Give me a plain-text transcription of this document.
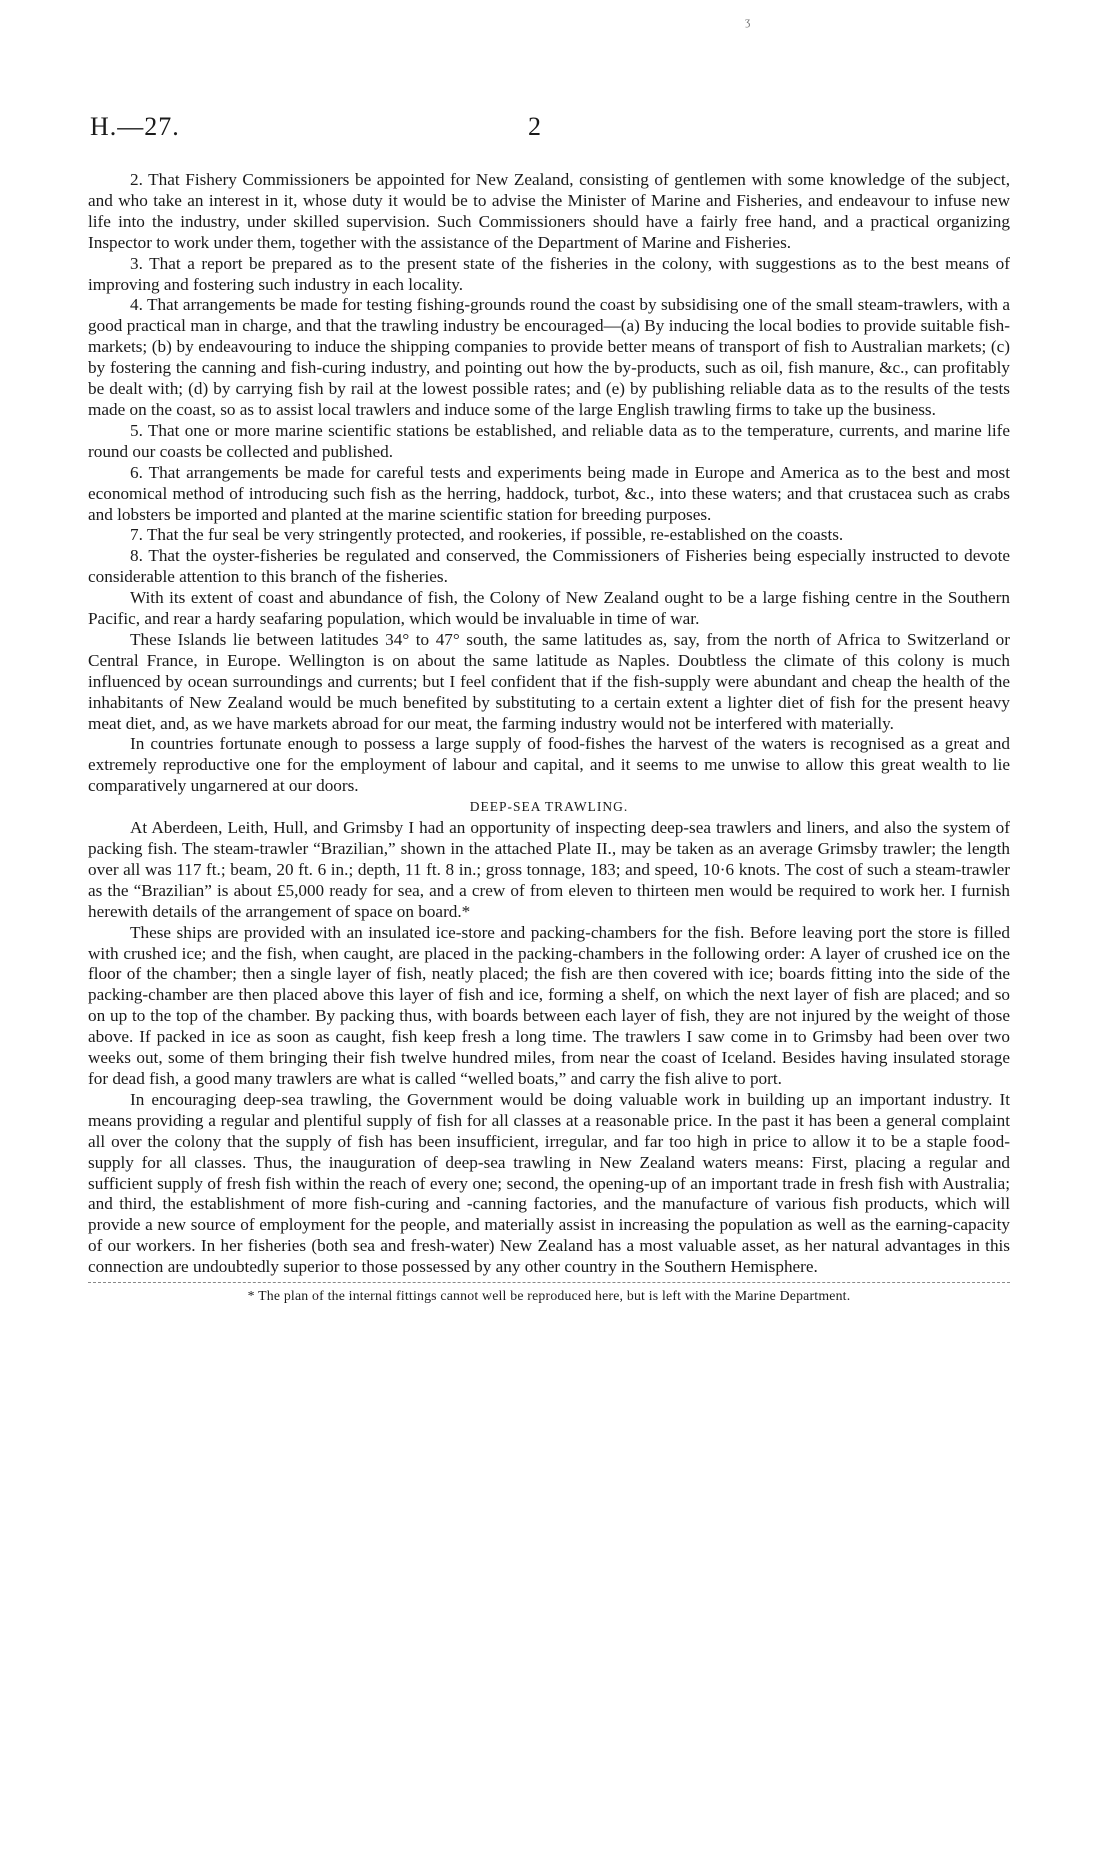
ʒ
H.—27.	2

2. That Fishery Commissioners be appointed for New Zealand, consisting of gentlemen with some knowledge of the subject, and who take an interest in it, whose duty it would be to advise the Minister of Marine and Fisheries, and endeavour to infuse new life into the industry, under skilled supervision. Such Commissioners should have a fairly free hand, and a practical organizing Inspector to work under them, together with the assistance of the Department of Marine and Fisheries.

3. That a report be prepared as to the present state of the fisheries in the colony, with suggestions as to the best means of improving and fostering such industry in each locality.

4. That arrangements be made for testing fishing-grounds round the coast by subsidising one of the small steam-trawlers, with a good practical man in charge, and that the trawling industry be encouraged—(a) By inducing the local bodies to provide suitable fish-markets; (b) by endeavouring to induce the shipping companies to provide better means of transport of fish to Australian markets; (c) by fostering the canning and fish-curing industry, and pointing out how the by-products, such as oil, fish manure, &c., can profitably be dealt with; (d) by carrying fish by rail at the lowest possible rates; and (e) by publishing reliable data as to the results of the tests made on the coast, so as to assist local trawlers and induce some of the large English trawling firms to take up the business.

5. That one or more marine scientific stations be established, and reliable data as to the temperature, currents, and marine life round our coasts be collected and published.

6. That arrangements be made for careful tests and experiments being made in Europe and America as to the best and most economical method of introducing such fish as the herring, haddock, turbot, &c., into these waters; and that crustacea such as crabs and lobsters be imported and planted at the marine scientific station for breeding purposes.

7. That the fur seal be very stringently protected, and rookeries, if possible, re-established on the coasts.

8. That the oyster-fisheries be regulated and conserved, the Commissioners of Fisheries being especially instructed to devote considerable attention to this branch of the fisheries.

With its extent of coast and abundance of fish, the Colony of New Zealand ought to be a large fishing centre in the Southern Pacific, and rear a hardy seafaring population, which would be invaluable in time of war.

These Islands lie between latitudes 34° to 47° south, the same latitudes as, say, from the north of Africa to Switzerland or Central France, in Europe. Wellington is on about the same latitude as Naples. Doubtless the climate of this colony is much influenced by ocean surroundings and currents; but I feel confident that if the fish-supply were abundant and cheap the health of the inhabitants of New Zealand would be much benefited by substituting to a certain extent a lighter diet of fish for the present heavy meat diet, and, as we have markets abroad for our meat, the farming industry would not be interfered with materially.

In countries fortunate enough to possess a large supply of food-fishes the harvest of the waters is recognised as a great and extremely reproductive one for the employment of labour and capital, and it seems to me unwise to allow this great wealth to lie comparatively ungarnered at our doors.

DEEP-SEA TRAWLING.

At Aberdeen, Leith, Hull, and Grimsby I had an opportunity of inspecting deep-sea trawlers and liners, and also the system of packing fish. The steam-trawler “Brazilian,” shown in the attached Plate II., may be taken as an average Grimsby trawler; the length over all was 117 ft.; beam, 20 ft. 6 in.; depth, 11 ft. 8 in.; gross tonnage, 183; and speed, 10·6 knots. The cost of such a steam-trawler as the “Brazilian” is about £5,000 ready for sea, and a crew of from eleven to thirteen men would be required to work her. I furnish herewith details of the arrangement of space on board.*

These ships are provided with an insulated ice-store and packing-chambers for the fish. Before leaving port the store is filled with crushed ice; and the fish, when caught, are placed in the packing-chambers in the following order: A layer of crushed ice on the floor of the chamber; then a single layer of fish, neatly placed; the fish are then covered with ice; boards fitting into the side of the packing-chamber are then placed above this layer of fish and ice, forming a shelf, on which the next layer of fish are placed; and so on up to the top of the chamber. By packing thus, with boards between each layer of fish, they are not injured by the weight of those above. If packed in ice as soon as caught, fish keep fresh a long time. The trawlers I saw come in to Grimsby had been over two weeks out, some of them bringing their fish twelve hundred miles, from near the coast of Iceland. Besides having insulated storage for dead fish, a good many trawlers are what is called “welled boats,” and carry the fish alive to port.

In encouraging deep-sea trawling, the Government would be doing valuable work in building up an important industry. It means providing a regular and plentiful supply of fish for all classes at a reasonable price. In the past it has been a general complaint all over the colony that the supply of fish has been insufficient, irregular, and far too high in price to allow it to be a staple food-supply for all classes. Thus, the inauguration of deep-sea trawling in New Zealand waters means: First, placing a regular and sufficient supply of fresh fish within the reach of every one; second, the opening-up of an important trade in fresh fish with Australia; and third, the establishment of more fish-curing and -canning factories, and the manufacture of various fish products, which will provide a new source of employment for the people, and materially assist in increasing the population as well as the earning-capacity of our workers. In her fisheries (both sea and fresh-water) New Zealand has a most valuable asset, as her natural advantages in this connection are undoubtedly superior to those possessed by any other country in the Southern Hemisphere.

* The plan of the internal fittings cannot well be reproduced here, but is left with the Marine Department.
